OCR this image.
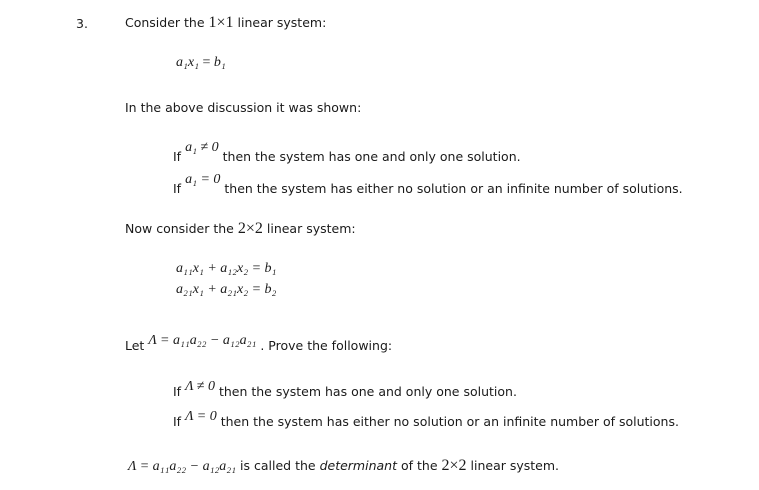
3.	Consider the 1×1 linear system:
a₁x₁ = b₁
In the above discussion it was shown:
If a₁ ≠ 0 then the system has one and only one solution.
If a₁ = 0 then the system has either no solution or an infinite number of solutions.
Now consider the 2×2 linear system:
a₁₁x₁ + a₁₂x₂ = b₁
a₂₁x₁ + a₂₁x₂ = b₂
Let Λ = a₁₁a₂₂ − a₁₂a₂₁ . Prove the following:
If Λ ≠ 0 then the system has one and only one solution.
If Λ = 0 then the system has either no solution or an infinite number of solutions.
Λ = a₁₁a₂₂ − a₁₂a₂₁ is called the determinant of the 2×2 linear system.
